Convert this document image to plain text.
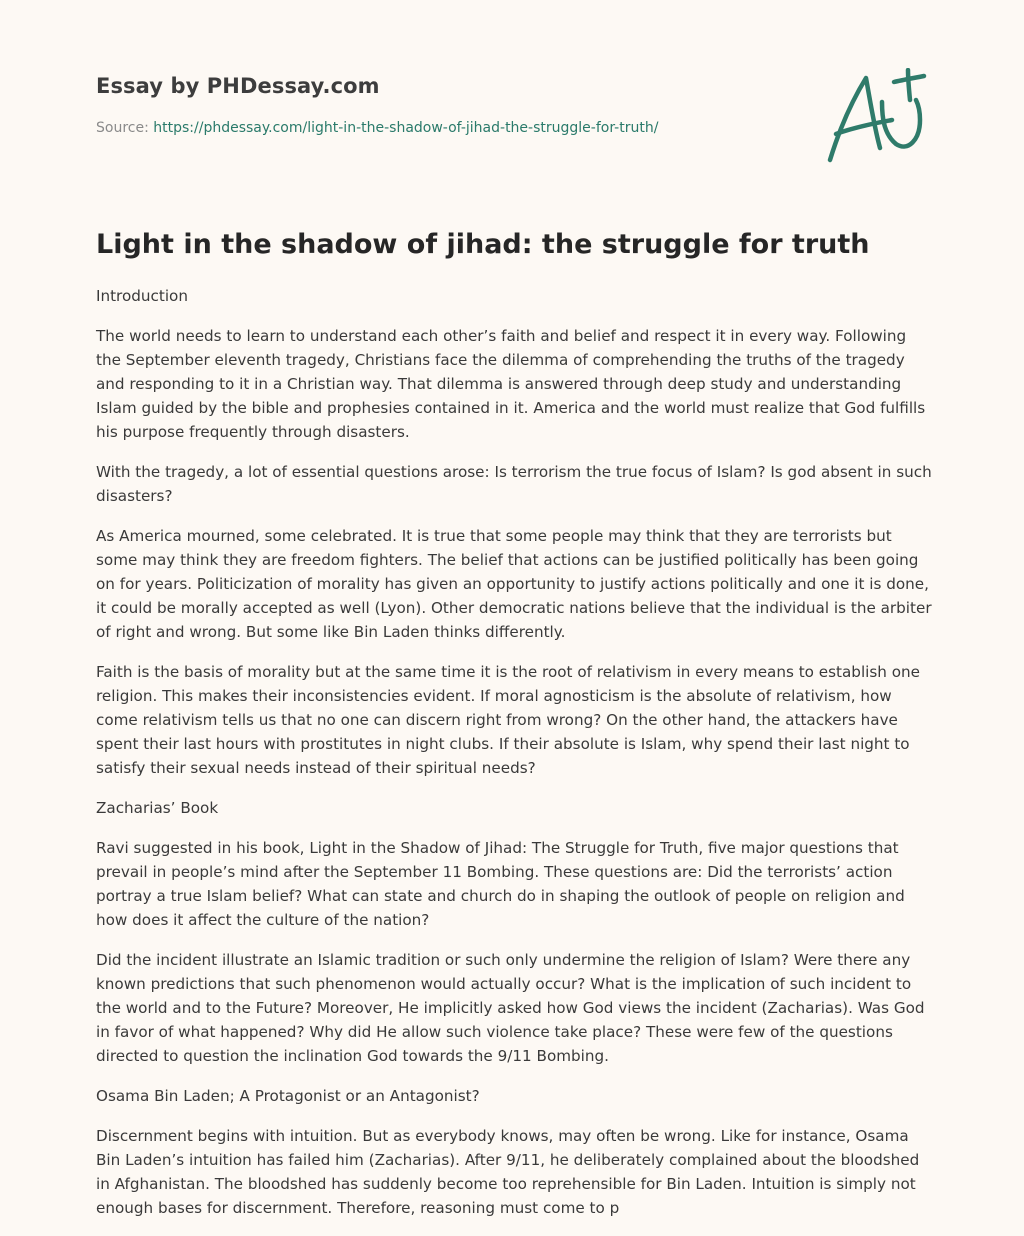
Essay by PHDessay.com
Source: https://phdessay.com/light-in-the-shadow-of-jihad-the-struggle-for-truth/
Light in the shadow of jihad: the struggle for truth

Introduction

The world needs to learn to understand each other’s faith and belief and respect it in every way. Following the September eleventh tragedy, Christians face the dilemma of comprehending the truths of the tragedy and responding to it in a Christian way. That dilemma is answered through deep study and understanding Islam guided by the bible and prophesies contained in it. America and the world must realize that God fulfills his purpose frequently through disasters.

With the tragedy, a lot of essential questions arose: Is terrorism the true focus of Islam? Is god absent in such disasters?

As America mourned, some celebrated. It is true that some people may think that they are terrorists but some may think they are freedom fighters. The belief that actions can be justified politically has been going on for years. Politicization of morality has given an opportunity to justify actions politically and one it is done, it could be morally accepted as well (Lyon). Other democratic nations believe that the individual is the arbiter of right and wrong. But some like Bin Laden thinks differently.

Faith is the basis of morality but at the same time it is the root of relativism in every means to establish one religion. This makes their inconsistencies evident. If moral agnosticism is the absolute of relativism, how come relativism tells us that no one can discern right from wrong? On the other hand, the attackers have spent their last hours with prostitutes in night clubs. If their absolute is Islam, why spend their last night to satisfy their sexual needs instead of their spiritual needs?

Zacharias’ Book

Ravi suggested in his book, Light in the Shadow of Jihad: The Struggle for Truth, five major questions that prevail in people’s mind after the September 11 Bombing. These questions are: Did the terrorists’ action portray a true Islam belief? What can state and church do in shaping the outlook of people on religion and how does it affect the culture of the nation?

Did the incident illustrate an Islamic tradition or such only undermine the religion of Islam? Were there any known predictions that such phenomenon would actually occur? What is the implication of such incident to the world and to the Future? Moreover, He implicitly asked how God views the incident (Zacharias). Was God in favor of what happened? Why did He allow such violence take place? These were few of the questions directed to question the inclination God towards the 9/11 Bombing.

Osama Bin Laden; A Protagonist or an Antagonist?

Discernment begins with intuition. But as everybody knows, may often be wrong. Like for instance, Osama Bin Laden’s intuition has failed him (Zacharias). After 9/11, he deliberately complained about the bloodshed in Afghanistan. The bloodshed has suddenly become too reprehensible for Bin Laden. Intuition is simply not enough bases for discernment. Therefore, reasoning must come to p
